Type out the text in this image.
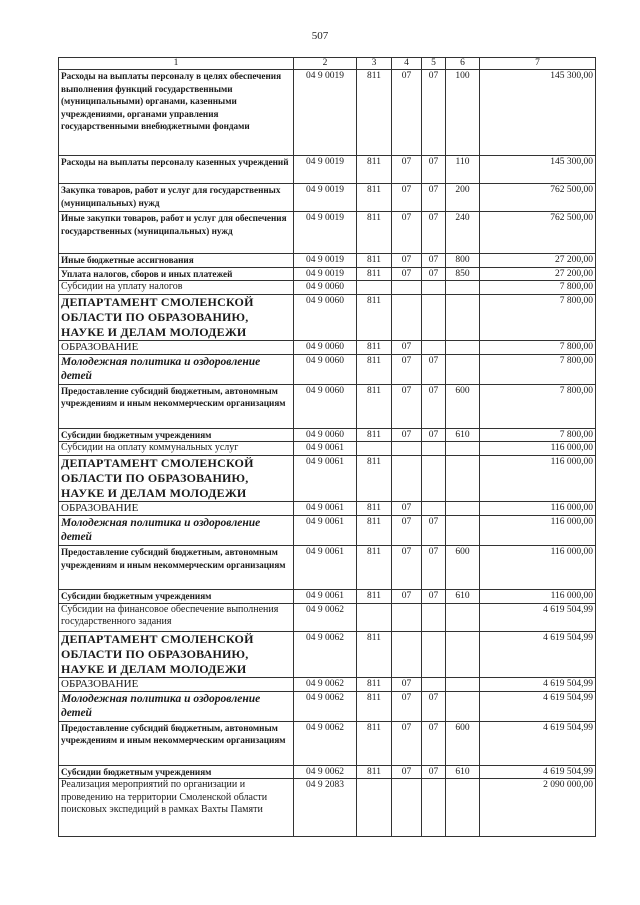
507
1	2	3	4	5	6	7
Расходы на выплаты персоналу в целях обеспечения выполнения функций государственными (муниципальными) органами, казенными учреждениями, органами управления государственными внебюджетными фондами	04 9 0019	811	07	07	100	145 300,00
Расходы на выплаты персоналу казенных учреждений	04 9 0019	811	07	07	110	145 300,00
Закупка товаров, работ и услуг для государственных (муниципальных) нужд	04 9 0019	811	07	07	200	762 500,00
Иные закупки товаров, работ и услуг для обеспечения государственных (муниципальных) нужд	04 9 0019	811	07	07	240	762 500,00
Иные бюджетные ассигнования	04 9 0019	811	07	07	800	27 200,00
Уплата налогов, сборов и иных платежей	04 9 0019	811	07	07	850	27 200,00
Субсидии на уплату налогов	04 9 0060					7 800,00
ДЕПАРТАМЕНТ СМОЛЕНСКОЙ ОБЛАСТИ ПО ОБРАЗОВАНИЮ, НАУКЕ И ДЕЛАМ МОЛОДЕЖИ	04 9 0060	811				7 800,00
ОБРАЗОВАНИЕ	04 9 0060	811	07			7 800,00
Молодежная политика и оздоровление детей	04 9 0060	811	07	07		7 800,00
Предоставление субсидий бюджетным, автономным учреждениям и иным некоммерческим организациям	04 9 0060	811	07	07	600	7 800,00
Субсидии бюджетным учреждениям	04 9 0060	811	07	07	610	7 800,00
Субсидии на оплату коммунальных услуг	04 9 0061					116 000,00
ДЕПАРТАМЕНТ СМОЛЕНСКОЙ ОБЛАСТИ ПО ОБРАЗОВАНИЮ, НАУКЕ И ДЕЛАМ МОЛОДЕЖИ	04 9 0061	811				116 000,00
ОБРАЗОВАНИЕ	04 9 0061	811	07			116 000,00
Молодежная политика и оздоровление детей	04 9 0061	811	07	07		116 000,00
Предоставление субсидий бюджетным, автономным учреждениям и иным некоммерческим организациям	04 9 0061	811	07	07	600	116 000,00
Субсидии бюджетным учреждениям	04 9 0061	811	07	07	610	116 000,00
Субсидии на финансовое обеспечение выполнения государственного задания	04 9 0062					4 619 504,99
ДЕПАРТАМЕНТ СМОЛЕНСКОЙ ОБЛАСТИ ПО ОБРАЗОВАНИЮ, НАУКЕ И ДЕЛАМ МОЛОДЕЖИ	04 9 0062	811				4 619 504,99
ОБРАЗОВАНИЕ	04 9 0062	811	07			4 619 504,99
Молодежная политика и оздоровление детей	04 9 0062	811	07	07		4 619 504,99
Предоставление субсидий бюджетным, автономным учреждениям и иным некоммерческим организациям	04 9 0062	811	07	07	600	4 619 504,99
Субсидии бюджетным учреждениям	04 9 0062	811	07	07	610	4 619 504,99
Реализация мероприятий по организации и проведению на территории Смоленской области поисковых экспедиций в рамках Вахты Памяти	04 9 2083					2 090 000,00
